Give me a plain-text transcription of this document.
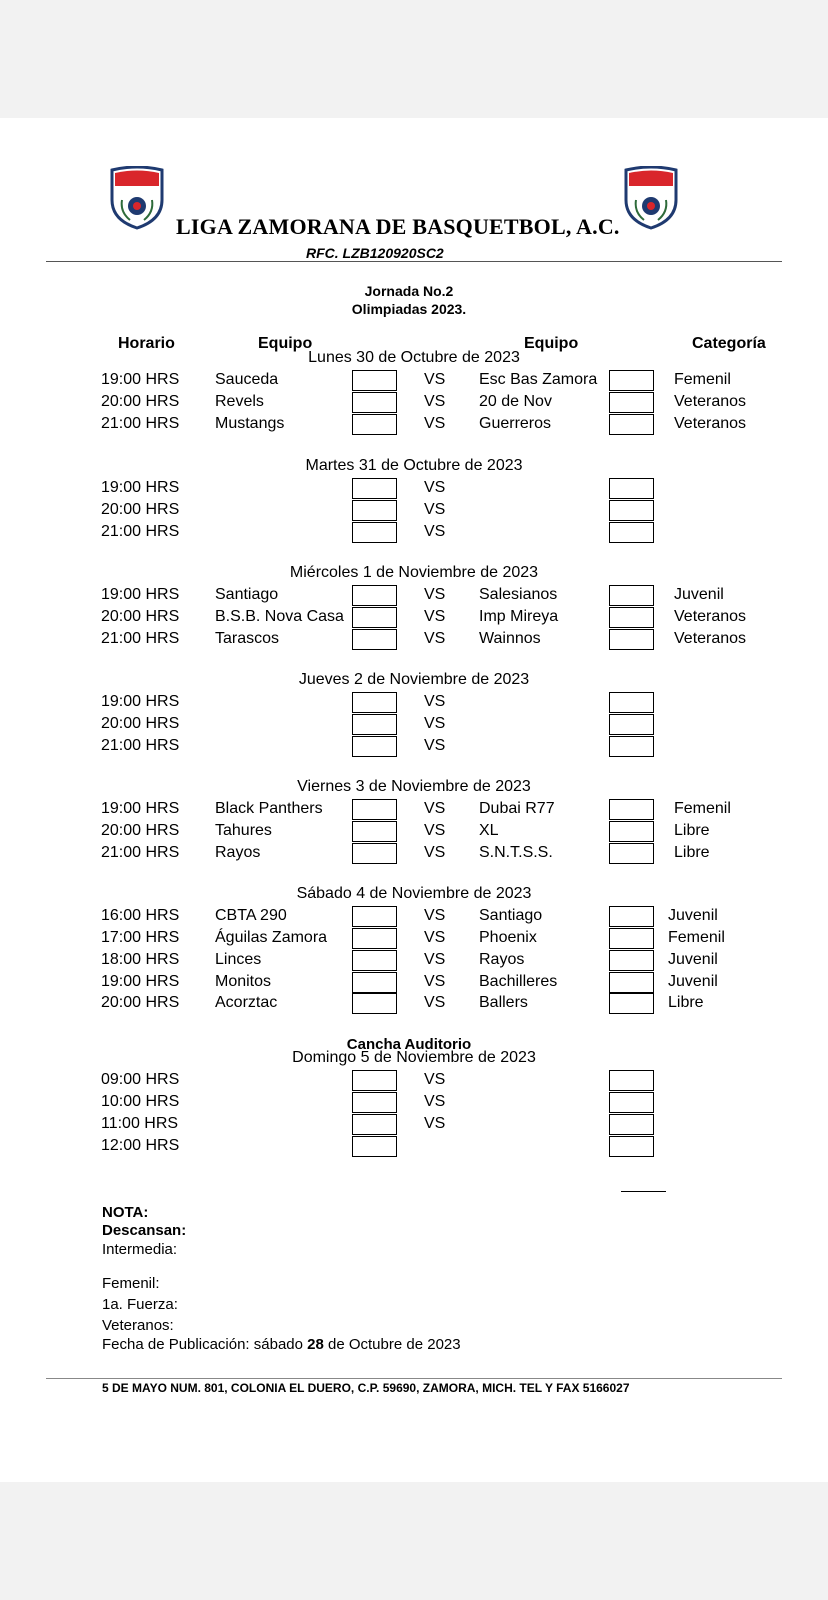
LIGA ZAMORANA DE BASQUETBOL, A.C.
RFC. LZB120920SC2
Jornada No.2
Olimpiadas 2023.
Horario	Equipo	Equipo	Categoría
Lunes 30 de Octubre de 2023
19:00 HRS Sauceda	VS Esc Bas Zamora	Femenil
20:00 HRS Revels	VS 20 de Nov	Veteranos
21:00 HRS Mustangs	VS Guerreros	Veteranos
Martes 31 de Octubre de 2023
19:00 HRS	VS
20:00 HRS	VS
21:00 HRS	VS
Miércoles 1 de Noviembre de 2023
19:00 HRS Santiago	VS Salesianos	Juvenil
20:00 HRS B.S.B. Nova Casa	VS Imp Mireya	Veteranos
21:00 HRS Tarascos	VS Wainnos	Veteranos
Jueves 2 de Noviembre de 2023
19:00 HRS	VS
20:00 HRS	VS
21:00 HRS	VS
Viernes 3 de Noviembre de 2023
19:00 HRS Black Panthers	VS Dubai R77	Femenil
20:00 HRS Tahures	VS XL	Libre
21:00 HRS Rayos	VS S.N.T.S.S.	Libre
Sábado 4 de Noviembre de 2023
16:00 HRS CBTA 290	VS Santiago	Juvenil
17:00 HRS Águilas Zamora	VS Phoenix	Femenil
18:00 HRS Linces	VS Rayos	Juvenil
19:00 HRS Monitos	VS Bachilleres	Juvenil
20:00 HRS Acorztac	VS Ballers	Libre
Domingo 5 de Noviembre de 2023
09:00 HRS	VS
10:00 HRS	VS
11:00 HRS	VS
12:00 HRS
Cancha Auditorio
NOTA:
Descansan:
Intermedia:
Femenil:
1a. Fuerza:
Veteranos:
Fecha de Publicación: sábado 28 de Octubre de 2023
5 DE MAYO NUM. 801, COLONIA EL DUERO, C.P. 59690, ZAMORA, MICH. TEL Y FAX 5166027
